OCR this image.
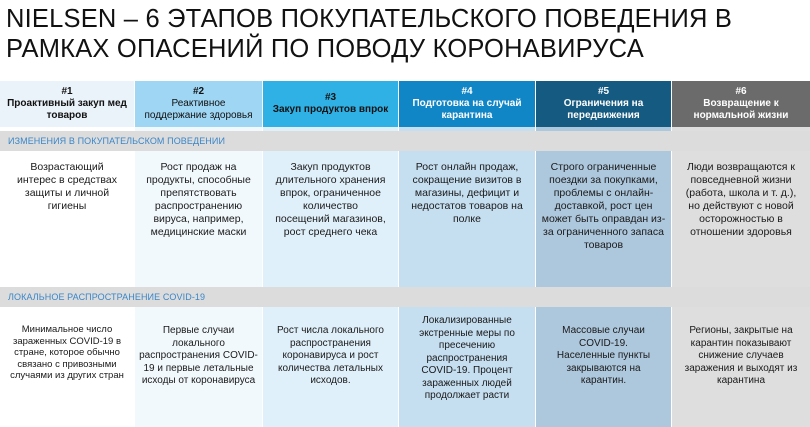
NIELSEN – 6 ЭТАПОВ ПОКУПАТЕЛЬСКОГО ПОВЕДЕНИЯ В
РАМКАХ ОПАСЕНИЙ ПО ПОВОДУ КОРОНАВИРУСА
#1
Проактивный закуп мед товаров
#2
Реактивное поддержание здоровья
#3
Закуп продуктов впрок
#4
Подготовка на случай карантина
#5
Ограничения на передвижения
#6
Возвращение к нормальной жизни
ИЗМЕНЕНИЯ В ПОКУПАТЕЛЬСКОМ ПОВЕДЕНИИ
Возрастающий интерес в средствах защиты и личной гигиены
Рост продаж на продукты, способные препятствовать распространению вируса, например, медицинские маски
Закуп продуктов длительного хранения впрок, ограниченное количество посещений магазинов, рост среднего чека
Рост онлайн продаж, сокращение визитов в магазины, дефицит и недостатов товаров на полке
Строго ограниченные поездки за покупками, проблемы с онлайн-доставкой, рост цен может быть оправдан из-за ограниченного запаса товаров
Люди возвращаются к повседневной жизни (работа, школа и т. д.), но действуют с новой осторожностью в отношении здоровья
ЛОКАЛЬНОЕ РАСПРОСТРАНЕНИЕ COVID-19
Минимальное число зараженных COVID-19 в стране, которое обычно связано с привозными случаями из других стран
Первые случаи локального распространения COVID-19 и первые летальные исходы от коронавируса
Рост числа локального распространения коронавируса и рост количества летальных исходов.
Локализированные экстренные меры по пресечению распространения COVID-19. Процент зараженных людей продолжает расти
Массовые случаи COVID-19. Населенные пункты закрываются на карантин.
Регионы, закрытые на карантин показывают снижение случаев заражения и выходят из карантина
